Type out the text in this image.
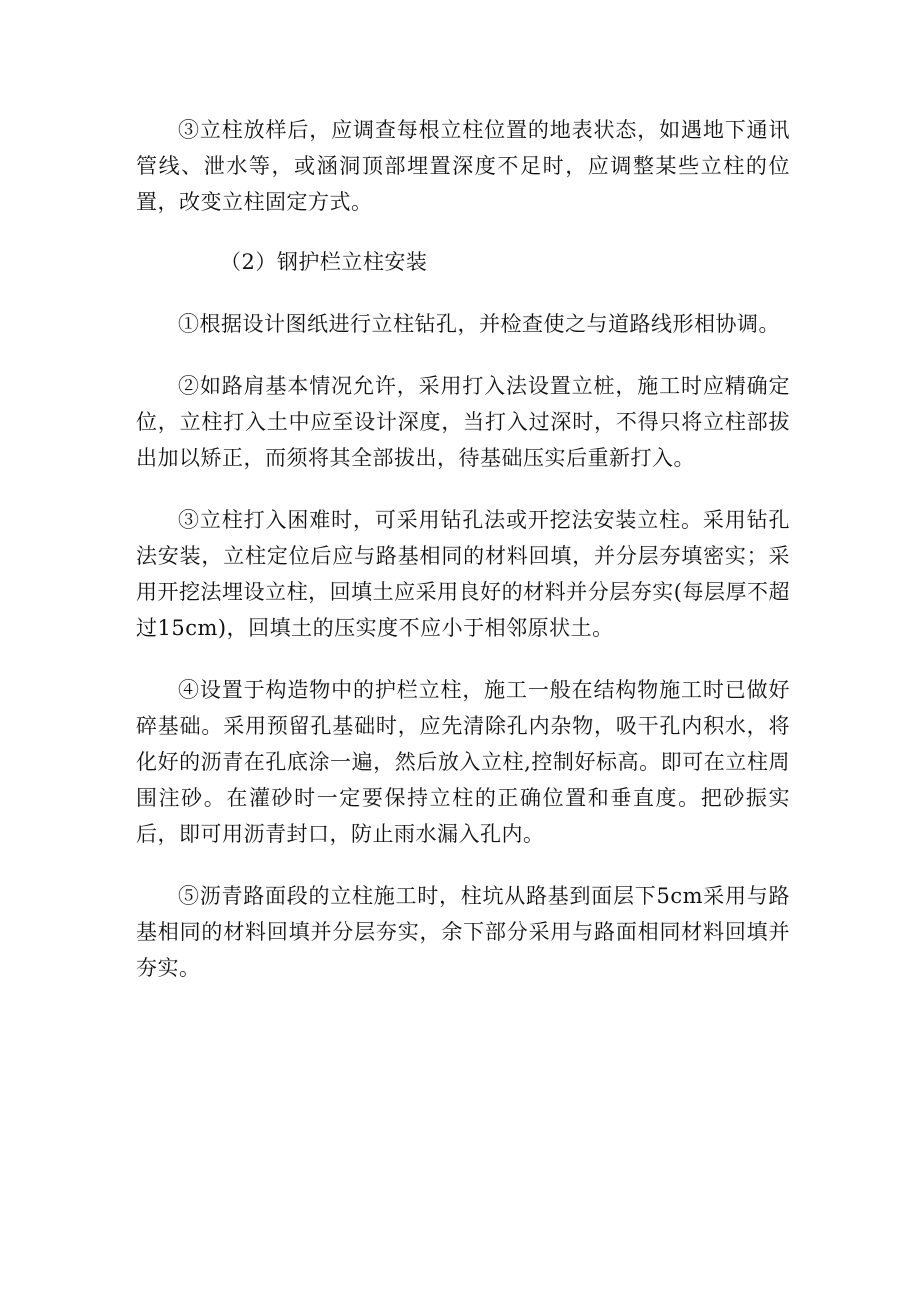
③立柱放样后，应调查每根立柱位置的地表状态，如遇地下通讯管线、泄水等，或涵洞顶部埋置深度不足时，应调整某些立柱的位置，改变立柱固定方式。

（2）钢护栏立柱安装

①根据设计图纸进行立柱钻孔，并检查使之与道路线形相协调。

②如路肩基本情况允许，采用打入法设置立桩，施工时应精确定位，立柱打入土中应至设计深度，当打入过深时，不得只将立柱部拔出加以矫正，而须将其全部拔出，待基础压实后重新打入。

③立柱打入困难时，可采用钻孔法或开挖法安装立柱。采用钻孔法安装，立柱定位后应与路基相同的材料回填，并分层夯填密实；采用开挖法埋设立柱，回填土应采用良好的材料并分层夯实(每层厚不超过15cm)，回填土的压实度不应小于相邻原状土。

④设置于构造物中的护栏立柱，施工一般在结构物施工时已做好碎基础。采用预留孔基础时，应先清除孔内杂物，吸干孔内积水，将化好的沥青在孔底涂一遍，然后放入立柱,控制好标高。即可在立柱周围注砂。在灌砂时一定要保持立柱的正确位置和垂直度。把砂振实后，即可用沥青封口，防止雨水漏入孔内。

⑤沥青路面段的立柱施工时，柱坑从路基到面层下5cm采用与路基相同的材料回填并分层夯实，余下部分采用与路面相同材料回填并夯实。
